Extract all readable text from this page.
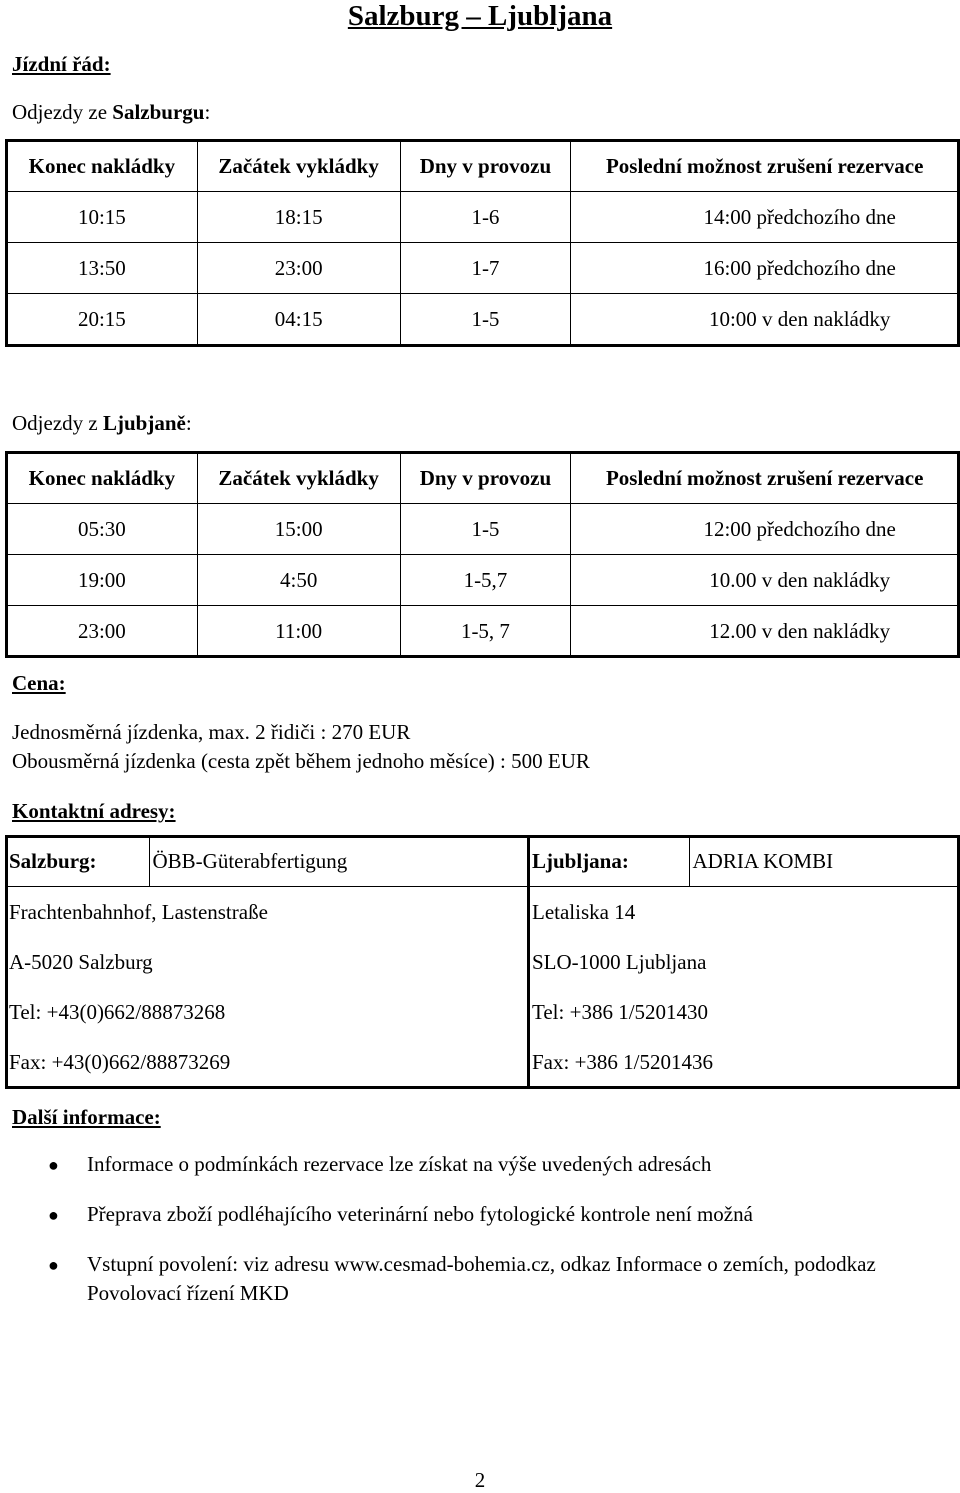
Salzburg – Ljubljana
Jízdní řád:
Odjezdy ze Salzburgu:
Konec nakládky	Začátek vykládky	Dny v provozu	Poslední možnost zrušení rezervace
10:15	18:15	1-6	14:00 předchozího dne
13:50	23:00	1-7	16:00 předchozího dne
20:15	04:15	1-5	10:00 v den nakládky
Odjezdy z Ljubjaně:
Konec nakládky	Začátek vykládky	Dny v provozu	Poslední možnost zrušení rezervace
05:30	15:00	1-5	12:00 předchozího dne
19:00	4:50	1-5,7	10.00 v den nakládky
23:00	11:00	1-5, 7	12.00 v den nakládky
Cena:
Jednosměrná jízdenka, max. 2 řidiči : 270 EUR
Obousměrná jízdenka (cesta zpět během jednoho měsíce) : 500 EUR
Kontaktní adresy:
Salzburg:	ÖBB-Güterabfertigung	Ljubljana:	ADRIA KOMBI
Frachtenbahnhof, Lastenstraße		Letaliska 14	
A-5020 Salzburg		SLO-1000 Ljubljana	
Tel: +43(0)662/88873268		Tel: +386 1/5201430	
Fax: +43(0)662/88873269		Fax: +386 1/5201436	
Další informace:
● Informace o podmínkách rezervace lze získat na výše uvedených adresách
● Přeprava zboží podléhajícího veterinární nebo fytologické kontrole není možná
● Vstupní povolení: viz adresu www.cesmad-bohemia.cz, odkaz Informace o zemích, pododkaz Povolovací řízení MKD
2
